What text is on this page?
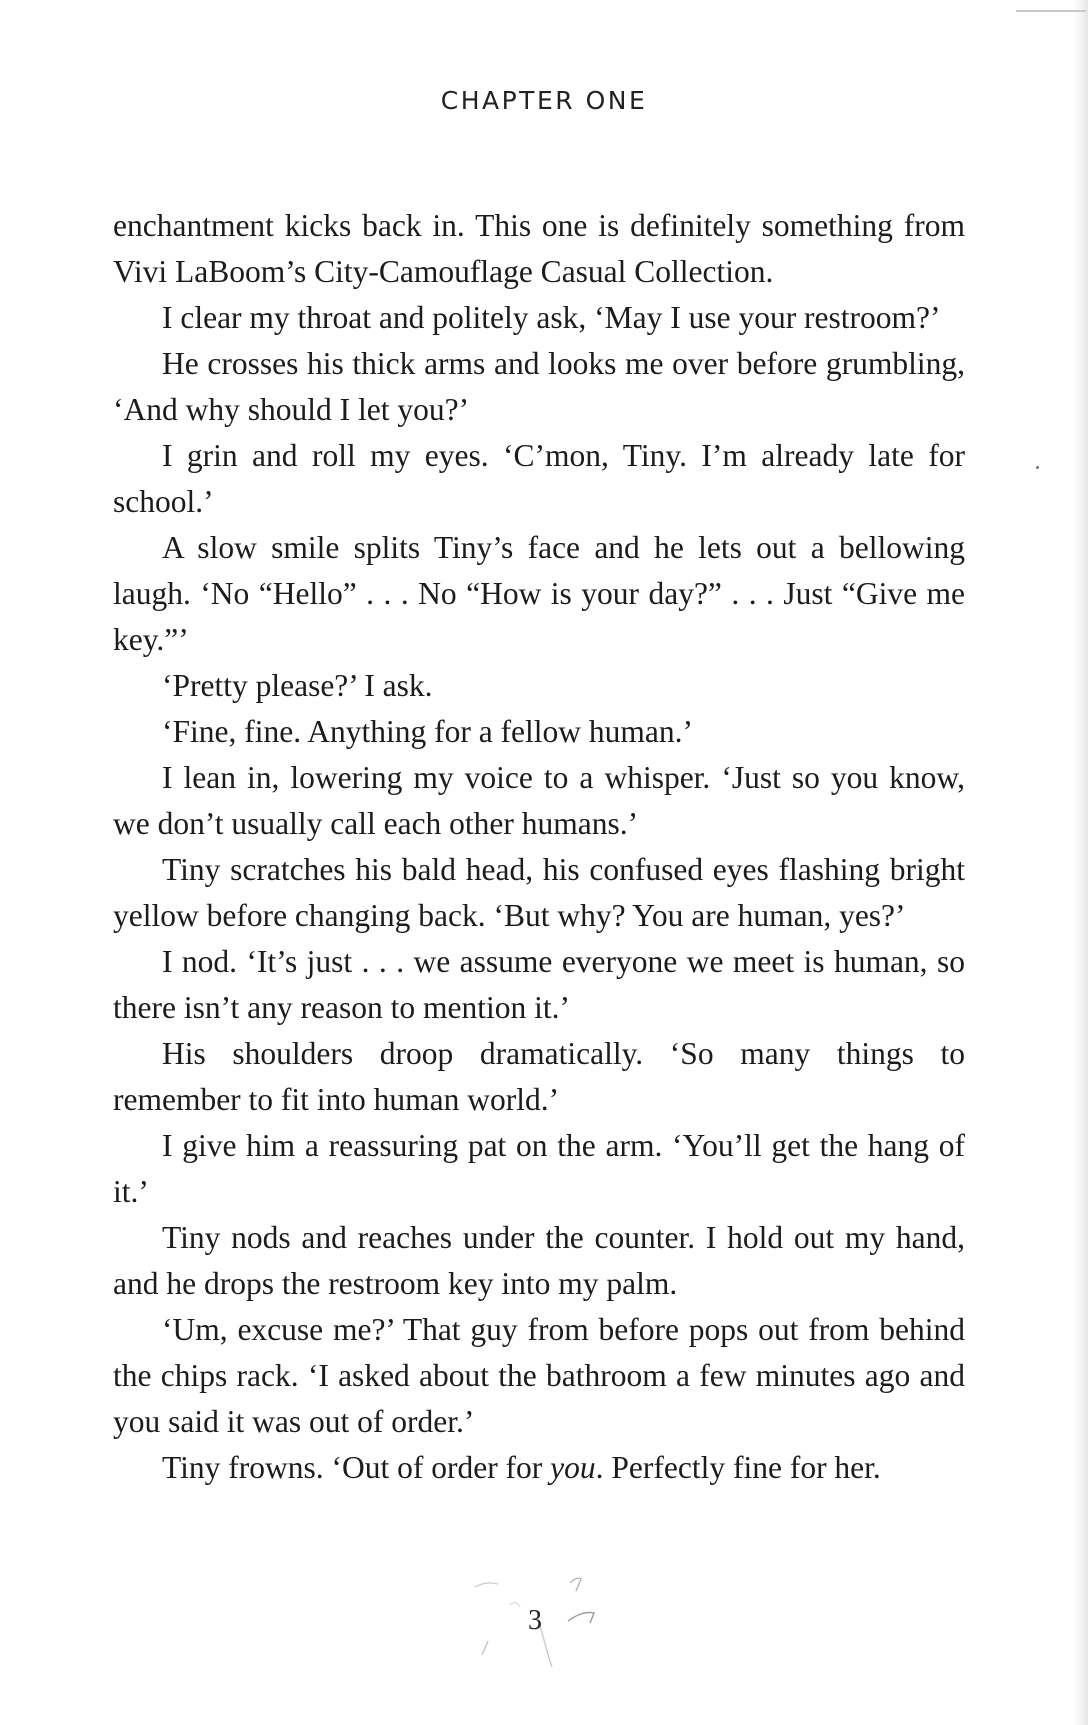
CHAPTER ONE

enchantment kicks back in. This one is definitely something from Vivi LaBoom’s City-Camouflage Casual Collection.

I clear my throat and politely ask, ‘May I use your restroom?’

He crosses his thick arms and looks me over before grumbling, ‘And why should I let you?’

I grin and roll my eyes. ‘C’mon, Tiny. I’m already late for school.’

A slow smile splits Tiny’s face and he lets out a bellowing laugh. ‘No “Hello” . . . No “How is your day?” . . . Just “Give me key.”’

‘Pretty please?’ I ask.

‘Fine, fine. Anything for a fellow human.’

I lean in, lowering my voice to a whisper. ‘Just so you know, we don’t usually call each other humans.’

Tiny scratches his bald head, his confused eyes flashing bright yellow before changing back. ‘But why? You are human, yes?’

I nod. ‘It’s just . . . we assume everyone we meet is human, so there isn’t any reason to mention it.’

His shoulders droop dramatically. ‘So many things to remember to fit into human world.’

I give him a reassuring pat on the arm. ‘You’ll get the hang of it.’

Tiny nods and reaches under the counter. I hold out my hand, and he drops the restroom key into my palm.

‘Um, excuse me?’ That guy from before pops out from behind the chips rack. ‘I asked about the bathroom a few minutes ago and you said it was out of order.’

Tiny frowns. ‘Out of order for you. Perfectly fine for her.

3
